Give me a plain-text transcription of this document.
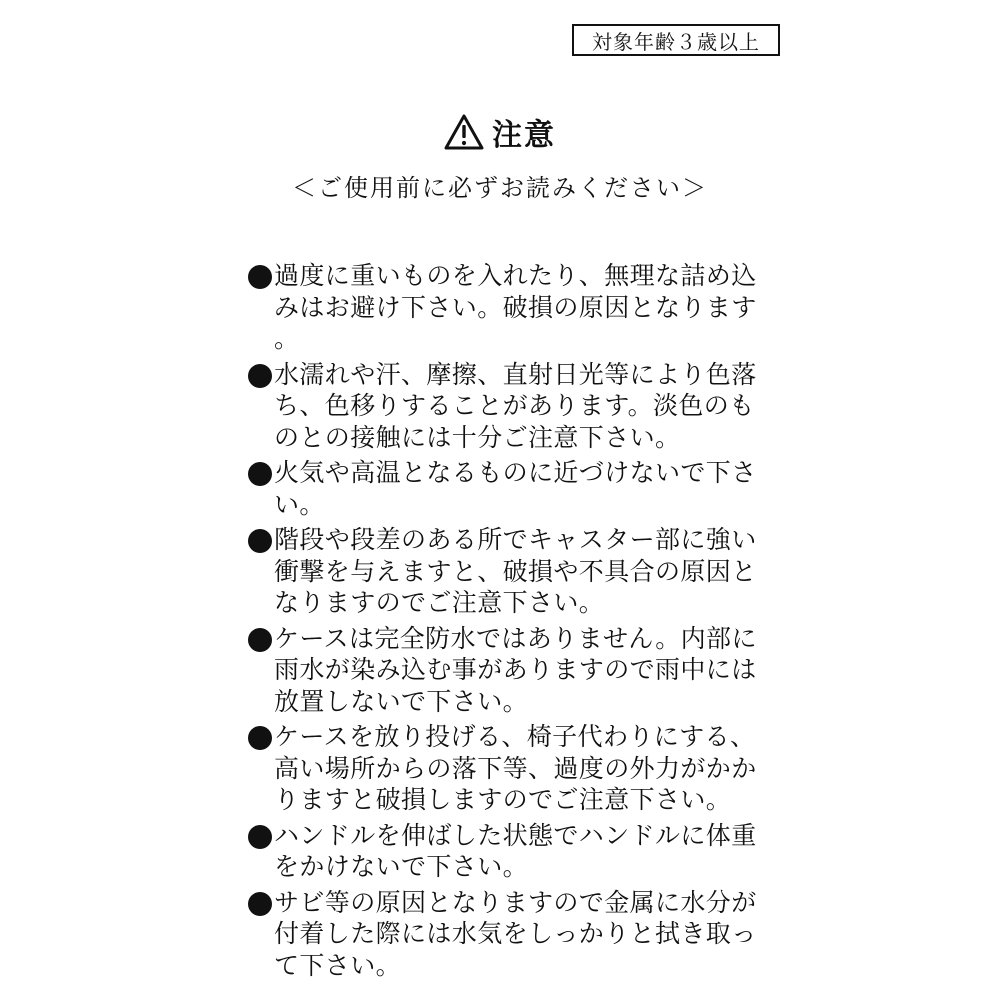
対象年齢３歳以上
注意
＜ご使用前に必ずお読みください＞
過度に重いものを入れたり、無理な詰め込みはお避け下さい。破損の原因となります。
水濡れや汗、摩擦、直射日光等により色落ち、色移りすることがあります。淡色のものとの接触には十分ご注意下さい。
火気や高温となるものに近づけないで下さい。
階段や段差のある所でキャスター部に強い衝撃を与えますと、破損や不具合の原因となりますのでご注意下さい。
ケースは完全防水ではありません。内部に雨水が染み込む事がありますので雨中には放置しないで下さい。
ケースを放り投げる、椅子代わりにする、高い場所からの落下等、過度の外力がかかりますと破損しますのでご注意下さい。
ハンドルを伸ばした状態でハンドルに体重をかけないで下さい。
サビ等の原因となりますので金属に水分が付着した際には水気をしっかりと拭き取って下さい。
